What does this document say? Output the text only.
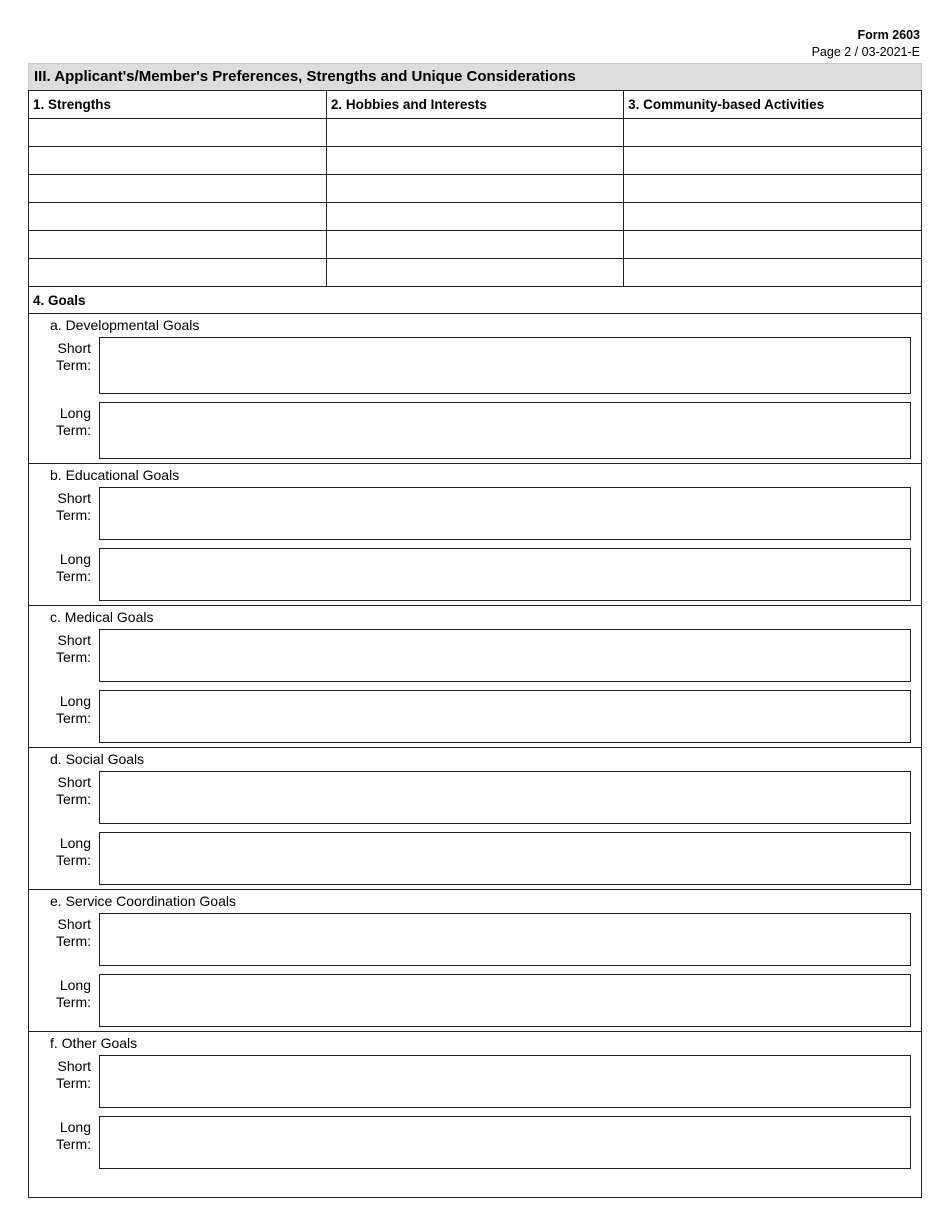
Form 2603
Page 2 / 03-2021-E
III. Applicant's/Member's Preferences, Strengths and Unique Considerations
1. Strengths	2. Hobbies and Interests	3. Community-based Activities

4. Goals
a. Developmental Goals
Short
Term:
Long
Term:
b. Educational Goals
Short
Term:
Long
Term:
c. Medical Goals
Short
Term:
Long
Term:
d. Social Goals
Short
Term:
Long
Term:
e. Service Coordination Goals
Short
Term:
Long
Term:
f. Other Goals
Short
Term:
Long
Term:
